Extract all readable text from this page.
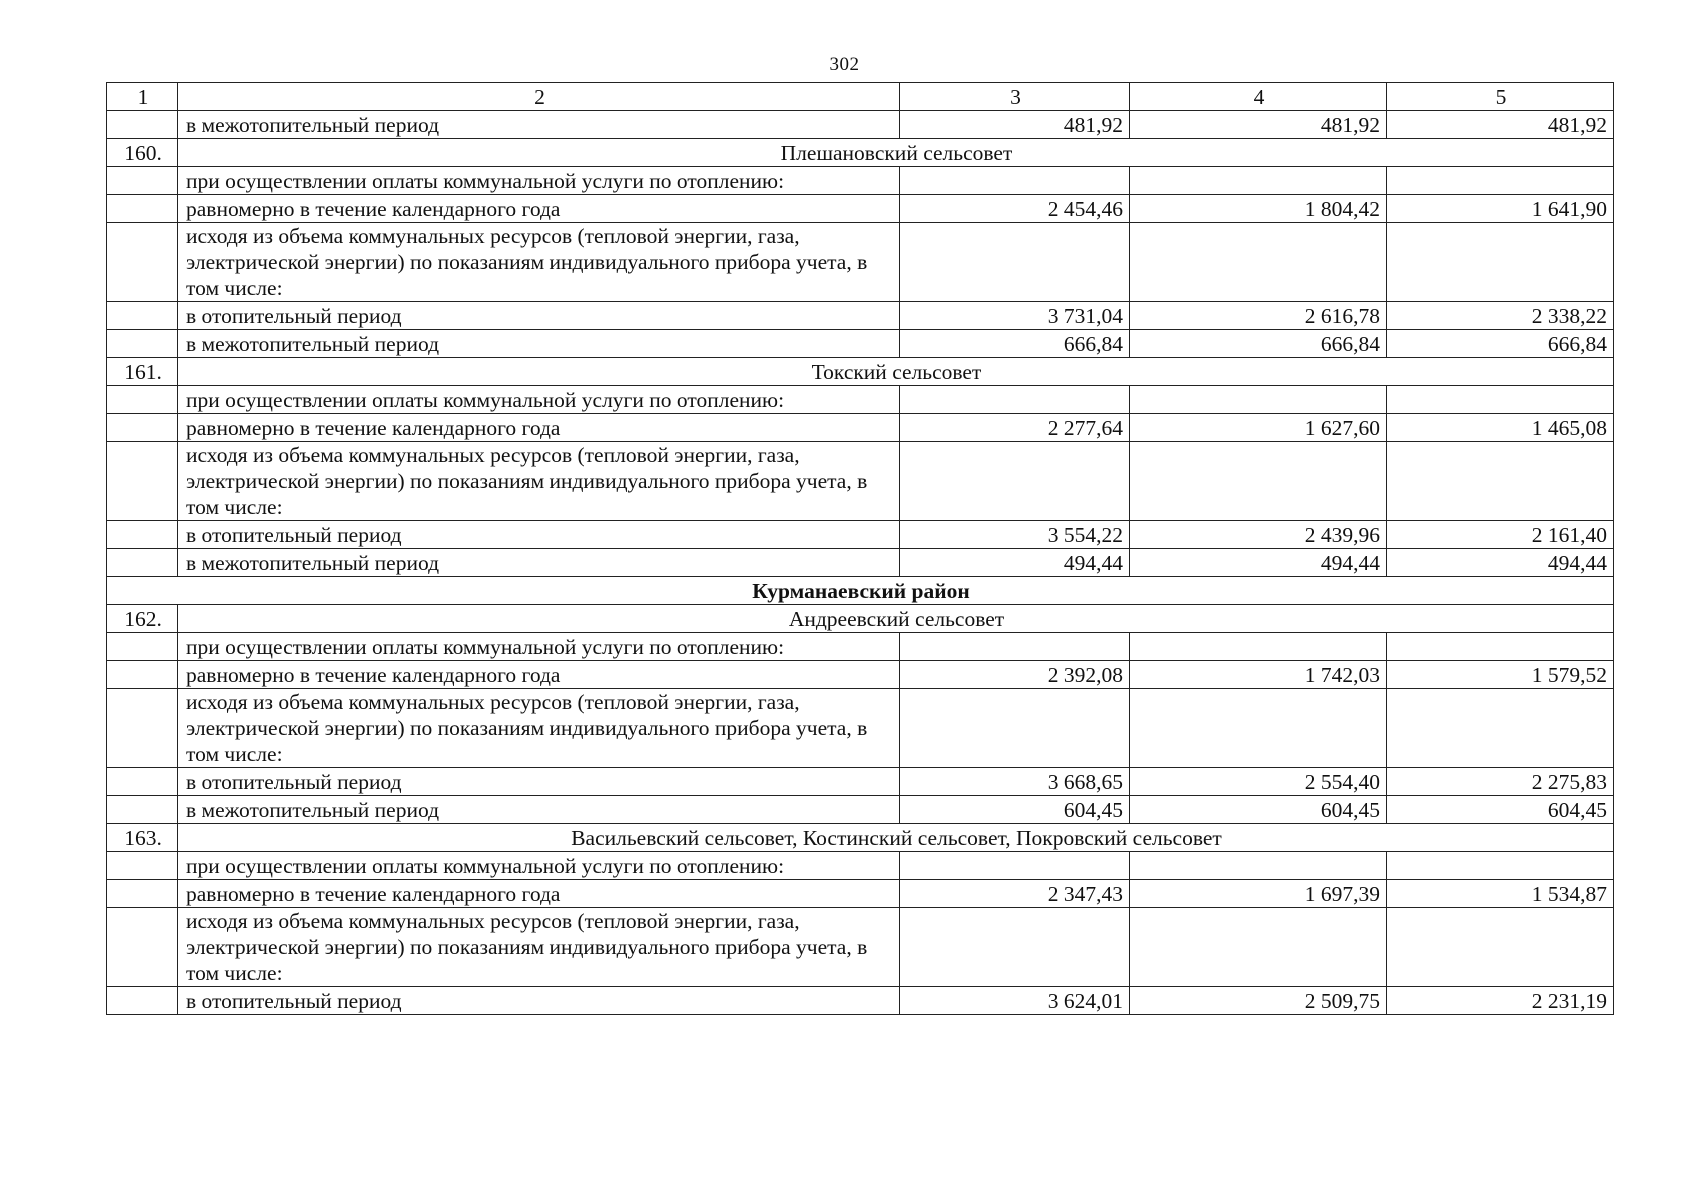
302
1	2	3	4	5
	в межотопительный период	481,92	481,92	481,92
160.	Плешановский сельсовет			
	при осуществлении оплаты коммунальной услуги по отоплению:			
	равномерно в течение календарного года	2 454,46	1 804,42	1 641,90
	исходя из объема коммунальных ресурсов (тепловой энергии, газа, электрической энергии) по показаниям индивидуального прибора учета, в том числе:			
	в отопительный период	3 731,04	2 616,78	2 338,22
	в межотопительный период	666,84	666,84	666,84
161.	Токский сельсовет			
	при осуществлении оплаты коммунальной услуги по отоплению:			
	равномерно в течение календарного года	2 277,64	1 627,60	1 465,08
	исходя из объема коммунальных ресурсов (тепловой энергии, газа, электрической энергии) по показаниям индивидуального прибора учета, в том числе:			
	в отопительный период	3 554,22	2 439,96	2 161,40
	в межотопительный период	494,44	494,44	494,44
Курманаевский район				
162.	Андреевский сельсовет			
	при осуществлении оплаты коммунальной услуги по отоплению:			
	равномерно в течение календарного года	2 392,08	1 742,03	1 579,52
	исходя из объема коммунальных ресурсов (тепловой энергии, газа, электрической энергии) по показаниям индивидуального прибора учета, в том числе:			
	в отопительный период	3 668,65	2 554,40	2 275,83
	в межотопительный период	604,45	604,45	604,45
163.	Васильевский сельсовет, Костинский сельсовет, Покровский сельсовет			
	при осуществлении оплаты коммунальной услуги по отоплению:			
	равномерно в течение календарного года	2 347,43	1 697,39	1 534,87
	исходя из объема коммунальных ресурсов (тепловой энергии, газа, электрической энергии) по показаниям индивидуального прибора учета, в том числе:			
	в отопительный период	3 624,01	2 509,75	2 231,19
